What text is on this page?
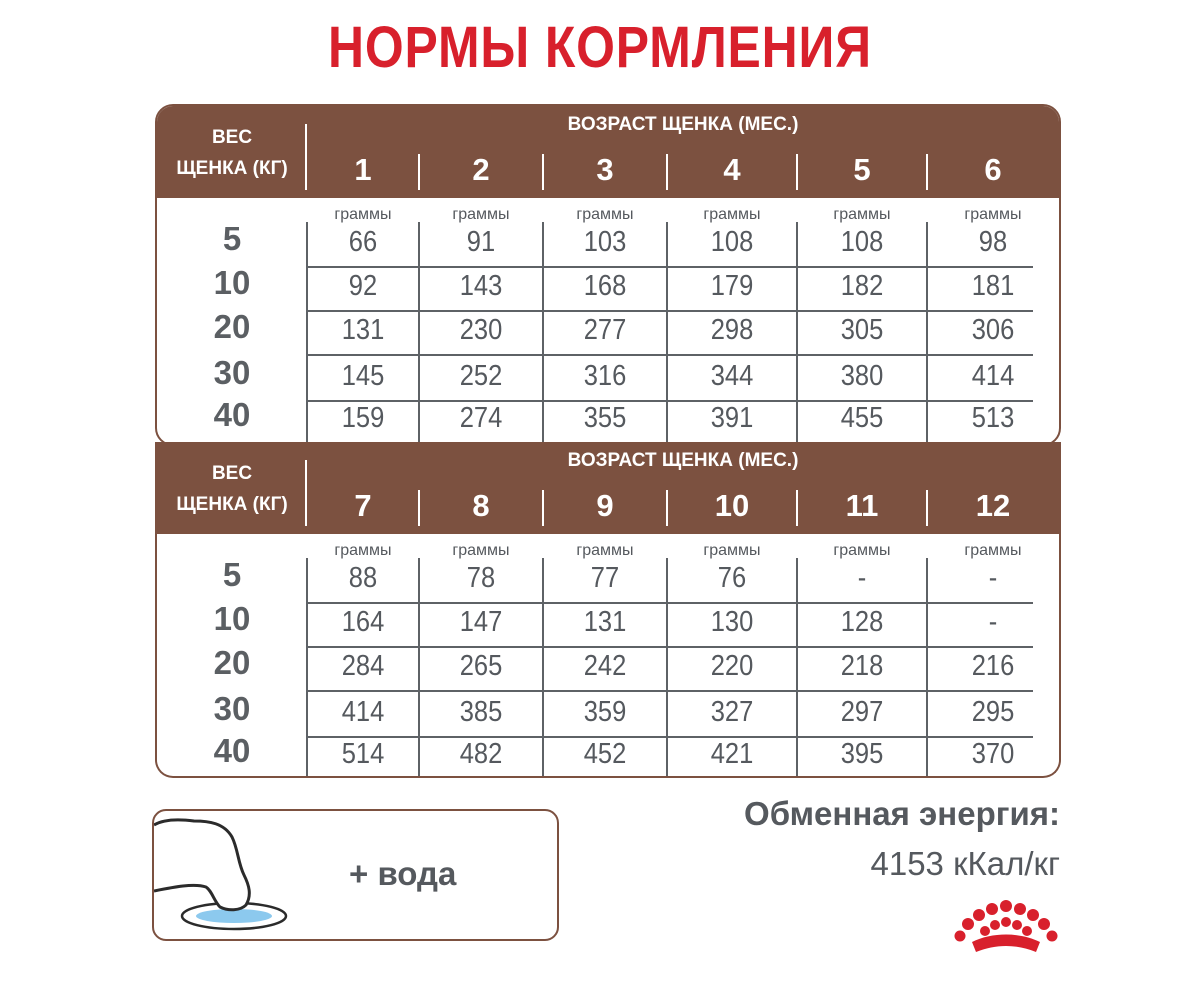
НОРМЫ КОРМЛЕНИЯ
ВЕС
ЩЕНКА (КГ)
ВОЗРАСТ ЩЕНКА (МЕС.)
1	2	3	4	5	6
граммы	граммы	граммы	граммы	граммы	граммы
5	66	91	103	108	108	98
10	92	143	168	179	182	181
20	131	230	277	298	305	306
30	145	252	316	344	380	414
40	159	274	355	391	455	513
ВЕС
ЩЕНКА (КГ)
ВОЗРАСТ ЩЕНКА (МЕС.)
7	8	9	10	11	12
граммы	граммы	граммы	граммы	граммы	граммы
5	88	78	77	76	-	-
10	164	147	131	130	128	-
20	284	265	242	220	218	216
30	414	385	359	327	297	295
40	514	482	452	421	395	370
+ вода
Обменная энергия:
4153 кКал/кг
